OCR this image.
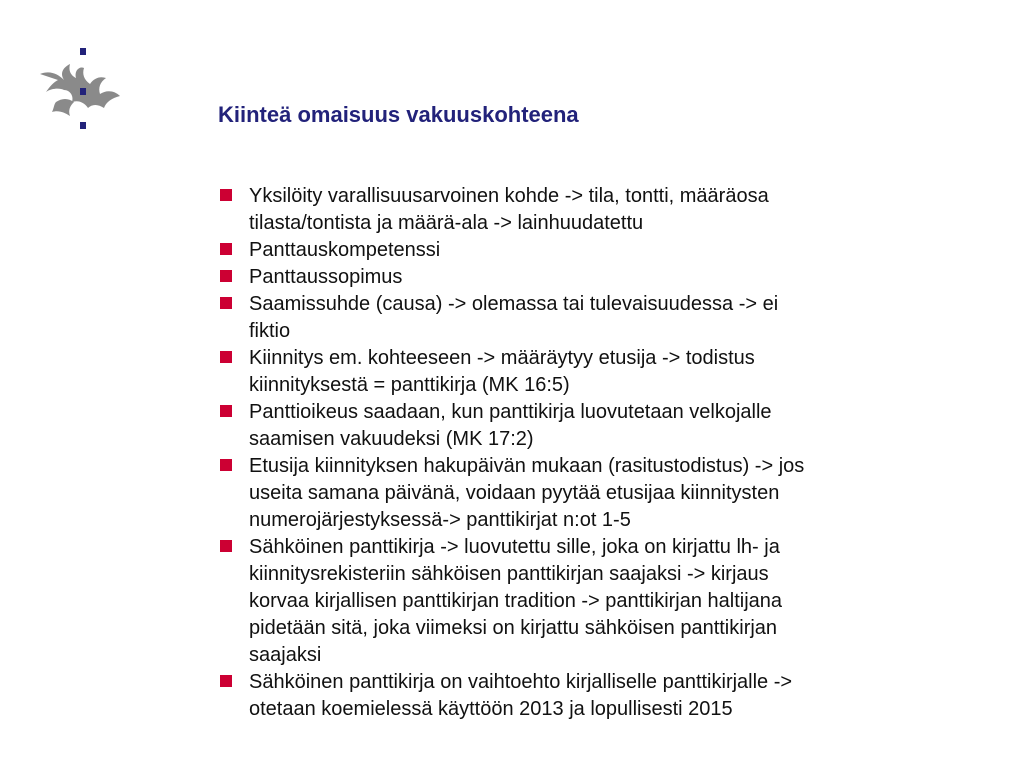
Kiinteä omaisuus vakuuskohteena
Yksilöity varallisuusarvoinen kohde -> tila, tontti, määräosa
tilasta/tontista ja määrä-ala -> lainhuudatettu
Panttauskompetenssi
Panttaussopimus
Saamissuhde (causa) -> olemassa tai tulevaisuudessa -> ei
fiktio
Kiinnitys em. kohteeseen -> määräytyy etusija -> todistus
kiinnityksestä = panttikirja (MK 16:5)
Panttioikeus saadaan, kun panttikirja luovutetaan velkojalle
saamisen vakuudeksi (MK 17:2)
Etusija kiinnityksen hakupäivän mukaan (rasitustodistus) -> jos
useita samana päivänä, voidaan pyytää etusijaa kiinnitysten
numerojärjestyksessä-> panttikirjat n:ot 1-5
Sähköinen panttikirja -> luovutettu sille, joka on kirjattu lh- ja
kiinnitysrekisteriin sähköisen panttikirjan saajaksi -> kirjaus
korvaa kirjallisen panttikirjan tradition -> panttikirjan haltijana
pidetään sitä, joka viimeksi on kirjattu sähköisen panttikirjan
saajaksi
Sähköinen panttikirja on vaihtoehto kirjalliselle panttikirjalle ->
otetaan koemielessä käyttöön 2013 ja lopullisesti 2015
